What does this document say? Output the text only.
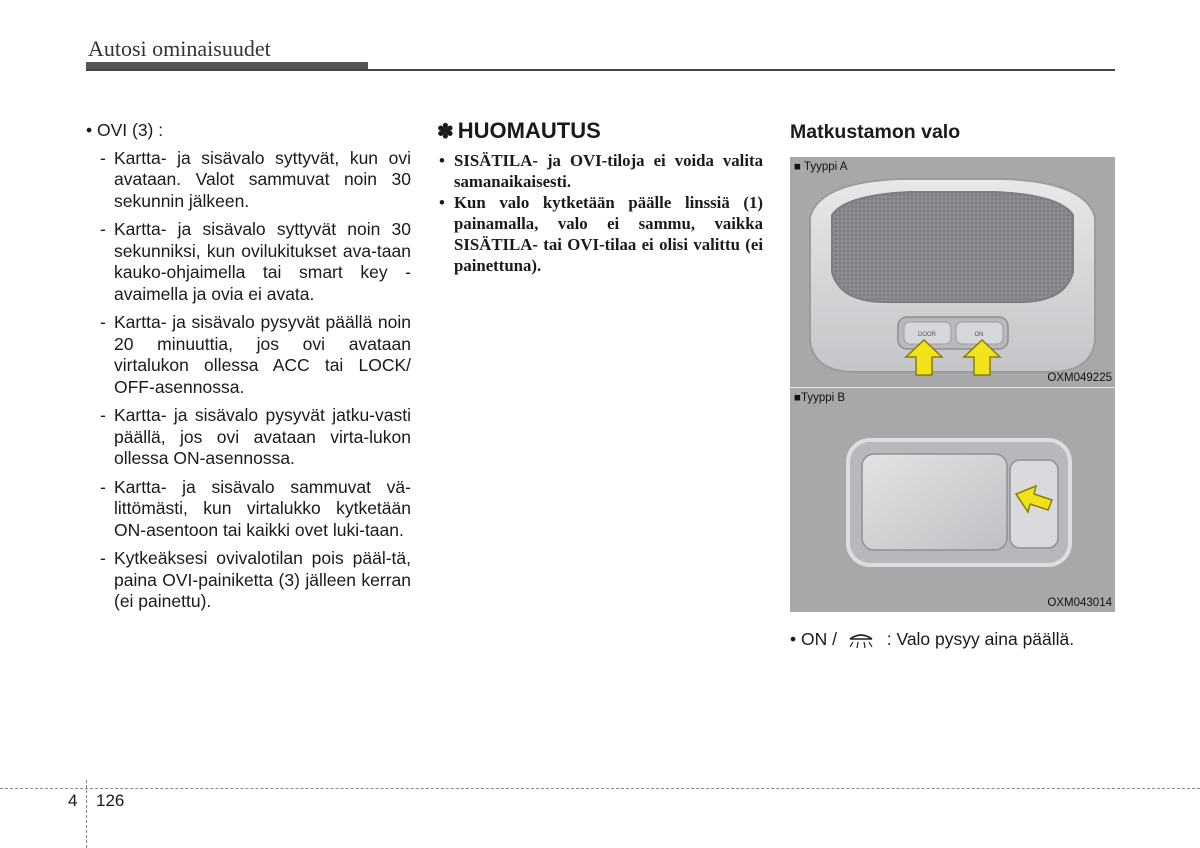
Autosi ominaisuudet
• OVI (3) :
- Kartta- ja sisävalo syttyvät, kun ovi avataan. Valot sammuvat noin 30 sekunnin jälkeen.
- Kartta- ja sisävalo syttyvät noin 30 sekunniksi, kun ovilukitukset ava-taan kauko-ohjaimella tai smart key -avaimella ja ovia ei avata.
- Kartta- ja sisävalo pysyvät päällä noin 20 minuuttia, jos ovi avataan virtalukon ollessa ACC tai LOCK/ OFF-asennossa.
- Kartta- ja sisävalo pysyvät jatku-vasti päällä, jos ovi avataan virta-lukon ollessa ON-asennossa.
- Kartta- ja sisävalo sammuvat vä-littömästi, kun virtalukko kytketään ON-asentoon tai kaikki ovet luki-taan.
- Kytkeäksesi ovivalotilan pois pääl-tä, paina OVI-painiketta (3) jälleen kerran (ei painettu).
✽ HUOMAUTUS
• SISÄTILA- ja OVI-tiloja ei voida valita samanaikaisesti.
• Kun valo kytketään päälle linssiä (1) painamalla, valo ei sammu, vaikka SISÄTILA- tai OVI-tilaa ei olisi valittu (ei painettuna).
Matkustamon valo
DOOR	ON
■ Tyyppi A
OXM049225
■Tyyppi B
OXM043014
• ON /	: Valo pysyy aina päällä.
4 126
